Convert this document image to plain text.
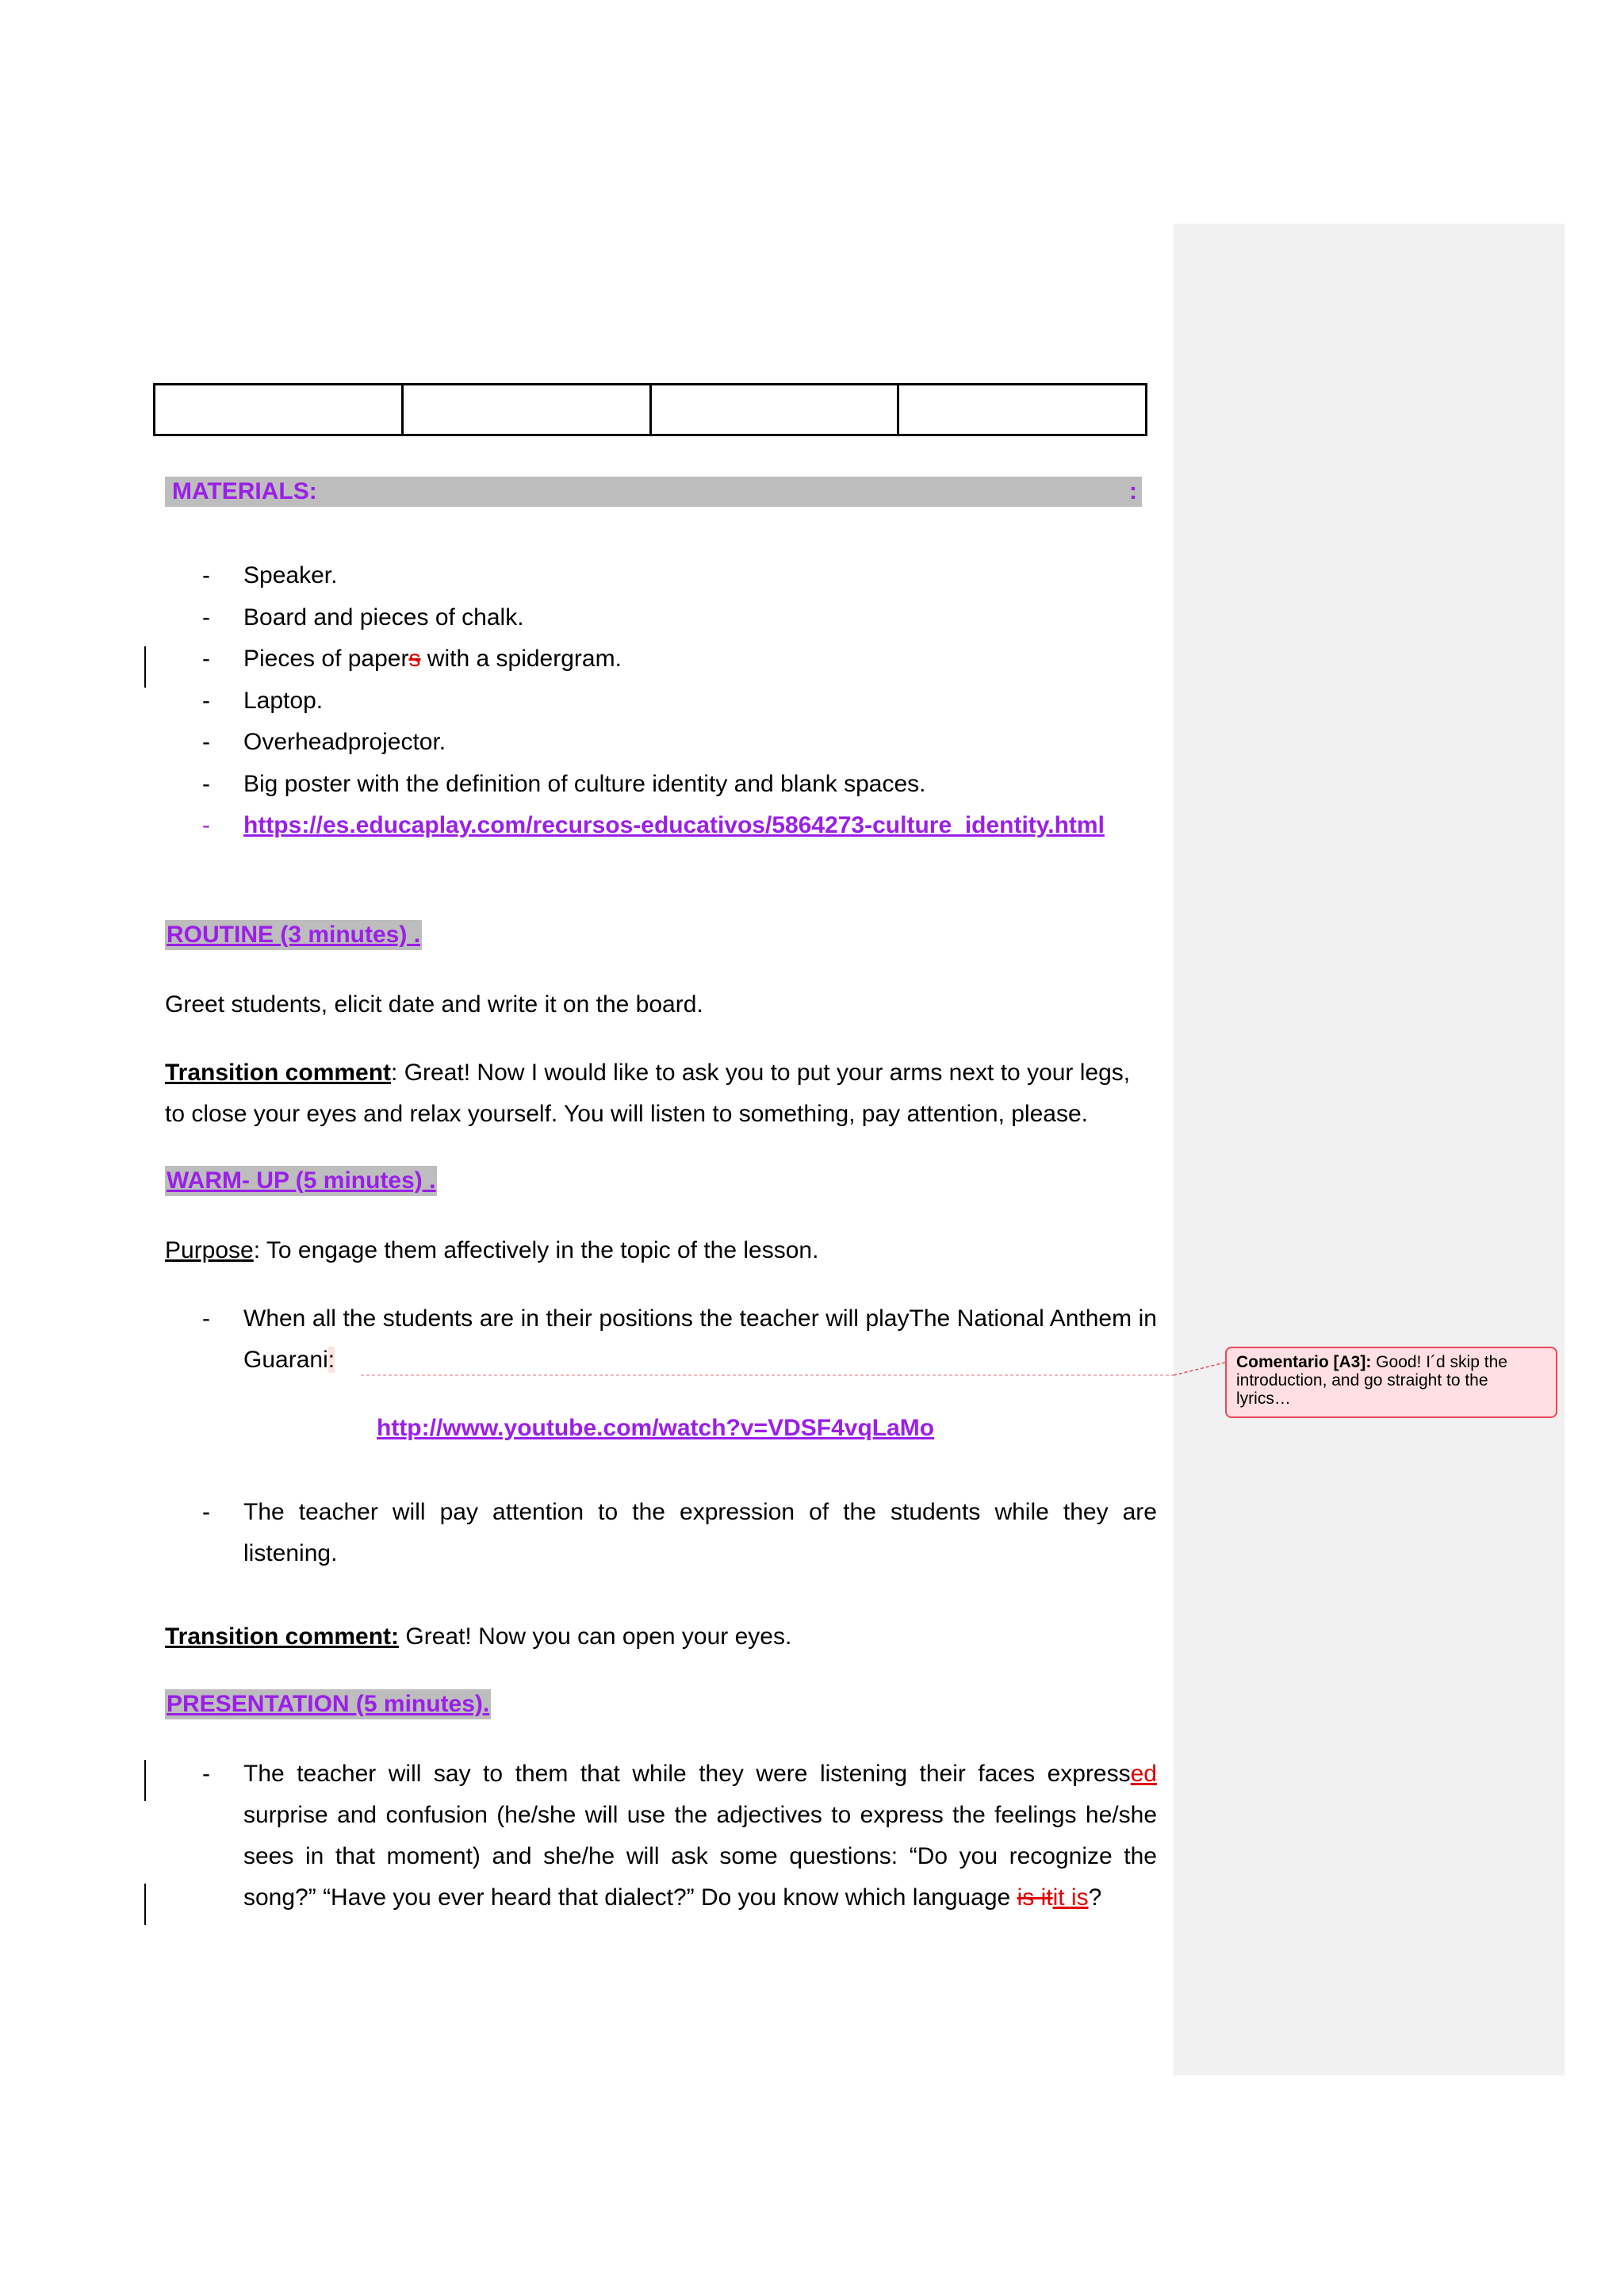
Comentario [A3]: Good! I´d skip the introduction, and go straight to the lyrics…

MATERIALS:	:
- Speaker.
- Board and pieces of chalk.
- Pieces of papers with a spidergram.
- Laptop.
- Overheadprojector.
- Big poster with the definition of culture identity and blank spaces.
- https://es.educaplay.com/recursos-educativos/5864273-culture_identity.html
ROUTINE (3 minutes) .
Greet students, elicit date and write it on the board.
Transition comment: Great! Now I would like to ask you to put your arms next to your legs, to close your eyes and relax yourself. You will listen to something, pay attention, please.
WARM- UP (5 minutes) .
Purpose: To engage them affectively in the topic of the lesson.
- When all the students are in their positions the teacher will playThe National Anthem in Guarani:
http://www.youtube.com/watch?v=VDSF4vqLaMo
- The teacher will pay attention to the expression of the students while they are listening.
Transition comment: Great! Now you can open your eyes.
PRESENTATION (5 minutes).
- The teacher will say to them that while they were listening their faces expressed surprise and confusion (he/she will use the adjectives to express the feelings he/she sees in that moment) and she/he will ask some questions: “Do you recognize the song?” “Have you ever heard that dialect?” Do you know which language is itit is?
